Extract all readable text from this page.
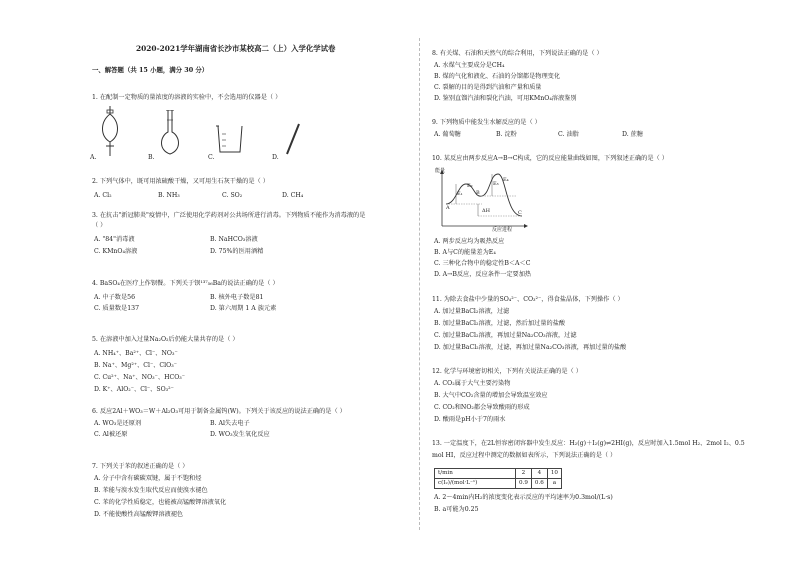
2020-2021学年湖南省长沙市某校高二（上）入学化学试卷
一、解答题（共 15 小题，满分 30 分）
1. 在配制一定物质的量浓度的溶液的实验中，不会选用的仪器是（ ）
A.	B.	C.	D.
2. 下列气体中，既可用浓硫酸干燥，又可用生石灰干燥的是（ ）
A. Cl₂	B. NH₃	C. SO₂	D. CH₄
3. 在抗击"新冠肺炎"疫情中，广泛使用化学药剂对公共场所进行消毒。下列物质不能作为消毒液的是
（ ）
A. "84"消毒液	B. NaHCO₃溶液
C. KMnO₄溶液	D. 75%的医用酒精
4. BaSO₄在医疗上作钡餐。下列关于钡¹³⁷₅₆Ba的说法正确的是（ ）
A. 中子数是56	B. 核外电子数是81
C. 质量数是137	D. 第六周期 1 A 族元素
5. 在溶液中加入过量Na₂O₂后仍能大量共存的是（ ）
A. NH₄⁺、Ba²⁺、Cl⁻、NO₃⁻
B. Na⁺、Mg²⁺、Cl⁻、ClO₃⁻
C. Cu²⁺、Na⁺、NO₃⁻、HCO₃⁻
D. K⁺、AlO₂⁻、Cl⁻、SO₃²⁻
6. 反应2Al＋WO₃＝W＋Al₂O₃可用于制备金属钨(W)。下列关于该反应的说法正确的是（ ）
A. WO₃是还原剂	B. Al失去电子
C. Al被还原	D. WO₃发生氧化反应
7. 下列关于苯的叙述正确的是（ ）
A. 分子中含有碳碳双键，属于不饱和烃
B. 苯能与溴水发生取代反应而使溴水褪色
C. 苯的化学性质稳定，也能被高锰酸钾溶液氧化
D. 不能使酸性高锰酸钾溶液褪色
8. 有关煤、石油和天然气的综合利用，下列说法正确的是（ ）
A. 水煤气主要成分是CH₄
B. 煤的气化和液化、石油的分馏都是物理变化
C. 裂解的目的是得到汽油和产量和质量
D. 鉴别直馏汽油和裂化汽油，可用KMnO₄溶液鉴别
9. 下列物质中能发生水解反应的是（ ）
A. 葡萄糖	B. 淀粉	C. 油脂	D. 蔗糖
10. 某反应由两步反应A→B→C构成，它的反应能量曲线如图，下列叙述正确的是（ ）
能量
反应进程
A
B
C
E₁
E₂	E₃
E₄
ΔH
A. 两步反应均为吸热反应
B. A与C的能量差为E₄
C. 三种化合物中的稳定性B＜A＜C
D. A→B反应，反应条件一定要加热
11. 为除去食盐中少量的SO₄²⁻、CO₃²⁻，得食盐晶体，下列操作（ ）
A. 加过量BaCl₂溶液，过滤
B. 加过量BaCl₂溶液，过滤，然后加过量的盐酸
C. 加过量BaCl₂溶液，再加过量Na₂CO₃溶液，过滤
D. 加过量BaCl₂溶液，过滤，再加过量Na₂CO₃溶液，再加过量的盐酸
12. 化学与环境密切相关，下列有关说法正确的是（ ）
A. CO₂属于大气主要污染物
B. 大气中CO₂含量的增加会导致温室效应
C. CO₂和NO₂都会导致酸雨的形成
D. 酸雨是pH小于7的雨水
13. 一定温度下，在2L恒容密闭容器中发生反应：H₂(g)＋I₂(g)⇌2HI(g)，反应时加入1.5mol H₂、2mol I₂、0.5
mol HI，反应过程中测定的数据如表所示，下列说法正确的是（ ）
t/min	2	4	10
c(I₂)/(mol·L⁻¹)	0.9	0.6	a
A. 2～4min内H₂的浓度变化表示反应的平均速率为0.3mol/(L·s)
B. a可能为0.25
